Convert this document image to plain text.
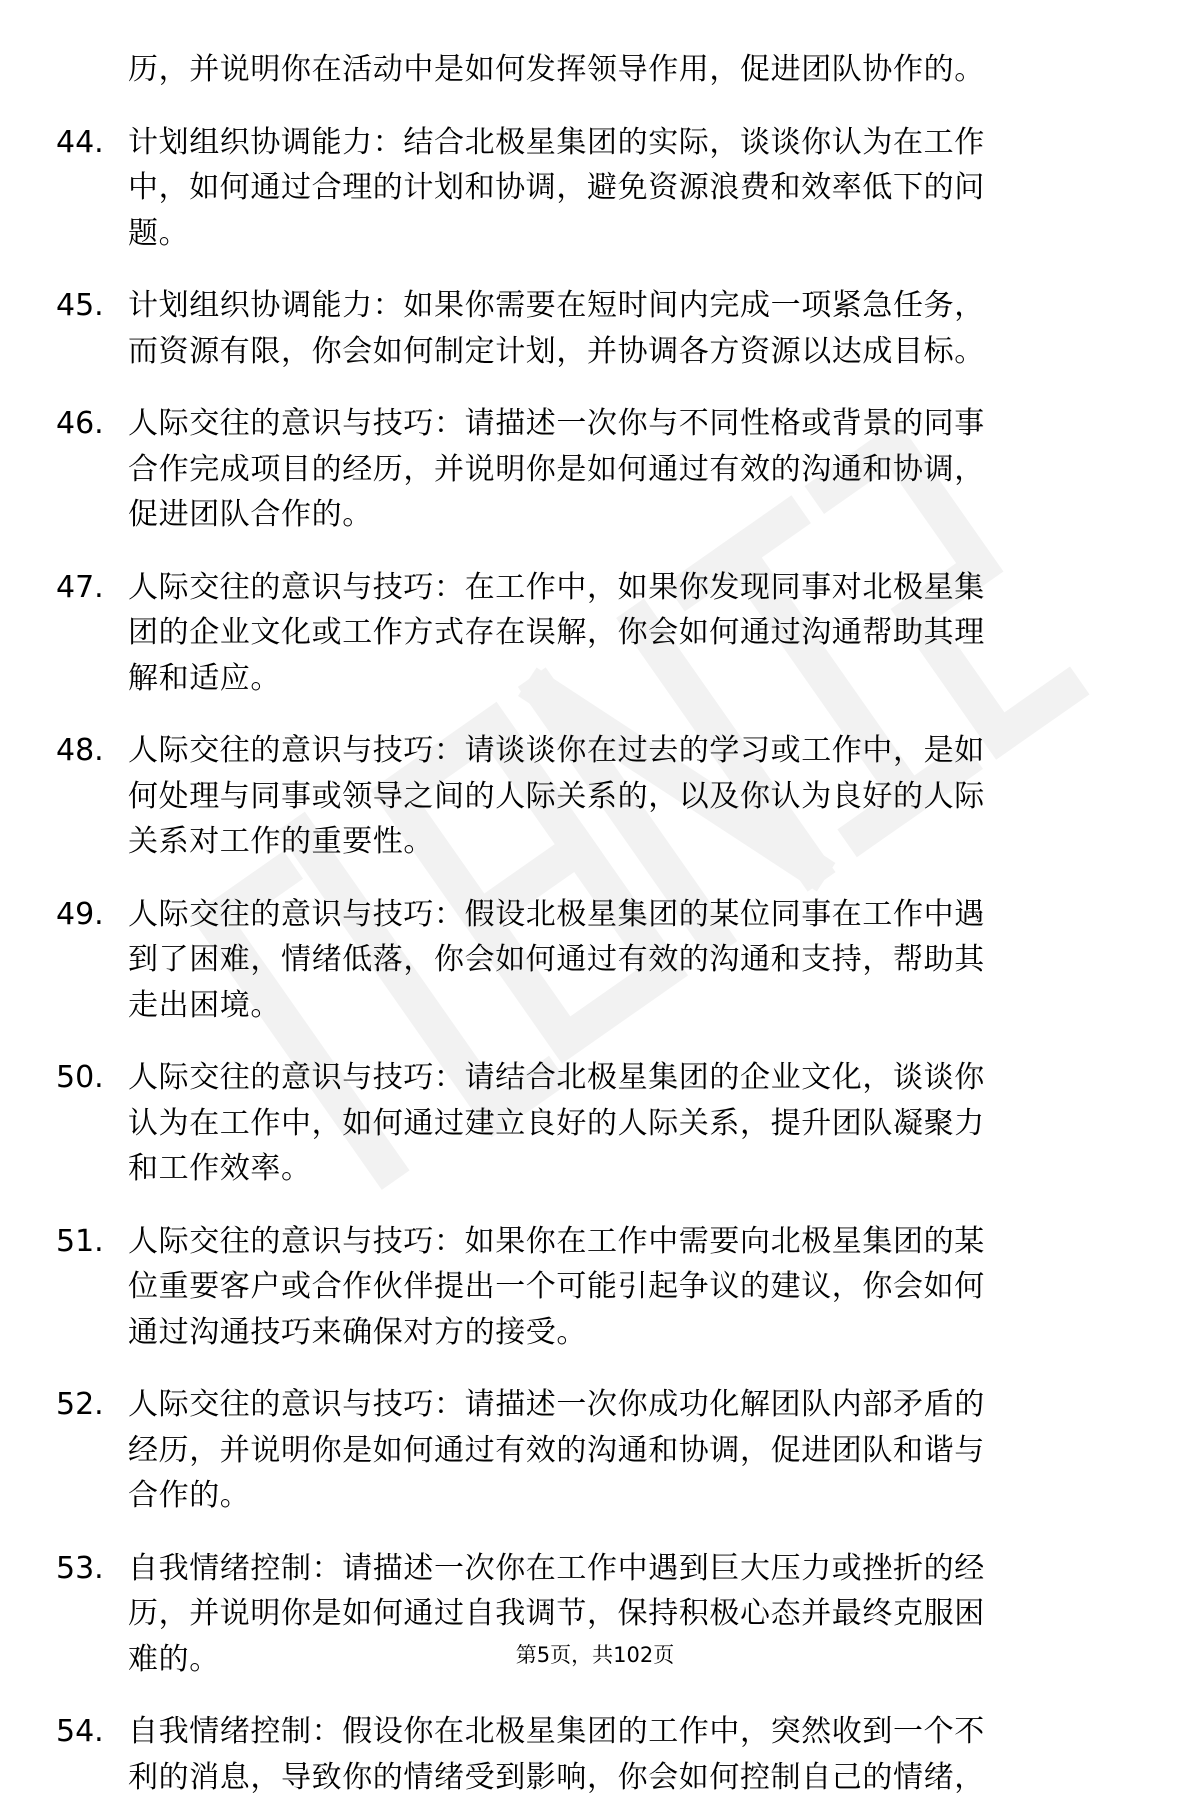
历，并说明你在活动中是如何发挥领导作用，促进团队协作的。
44. 计划组织协调能力：结合北极星集团的实际，谈谈你认为在工作
中，如何通过合理的计划和协调，避免资源浪费和效率低下的问
题。
45. 计划组织协调能力：如果你需要在短时间内完成一项紧急任务，
而资源有限，你会如何制定计划，并协调各方资源以达成目标。
46. 人际交往的意识与技巧：请描述一次你与不同性格或背景的同事
合作完成项目的经历，并说明你是如何通过有效的沟通和协调，
促进团队合作的。
47. 人际交往的意识与技巧：在工作中，如果你发现同事对北极星集
团的企业文化或工作方式存在误解，你会如何通过沟通帮助其理
解和适应。
48. 人际交往的意识与技巧：请谈谈你在过去的学习或工作中，是如
何处理与同事或领导之间的人际关系的，以及你认为良好的人际
关系对工作的重要性。
49. 人际交往的意识与技巧：假设北极星集团的某位同事在工作中遇
到了困难，情绪低落，你会如何通过有效的沟通和支持，帮助其
走出困境。
50. 人际交往的意识与技巧：请结合北极星集团的企业文化，谈谈你
认为在工作中，如何通过建立良好的人际关系，提升团队凝聚力
和工作效率。
51. 人际交往的意识与技巧：如果你在工作中需要向北极星集团的某
位重要客户或合作伙伴提出一个可能引起争议的建议，你会如何
通过沟通技巧来确保对方的接受。
52. 人际交往的意识与技巧：请描述一次你成功化解团队内部矛盾的
经历，并说明你是如何通过有效的沟通和协调，促进团队和谐与
合作的。
53. 自我情绪控制：请描述一次你在工作中遇到巨大压力或挫折的经
历，并说明你是如何通过自我调节，保持积极心态并最终克服困
难的。
54. 自我情绪控制：假设你在北极星集团的工作中，突然收到一个不
利的消息，导致你的情绪受到影响，你会如何控制自己的情绪，
第5页，共102页
